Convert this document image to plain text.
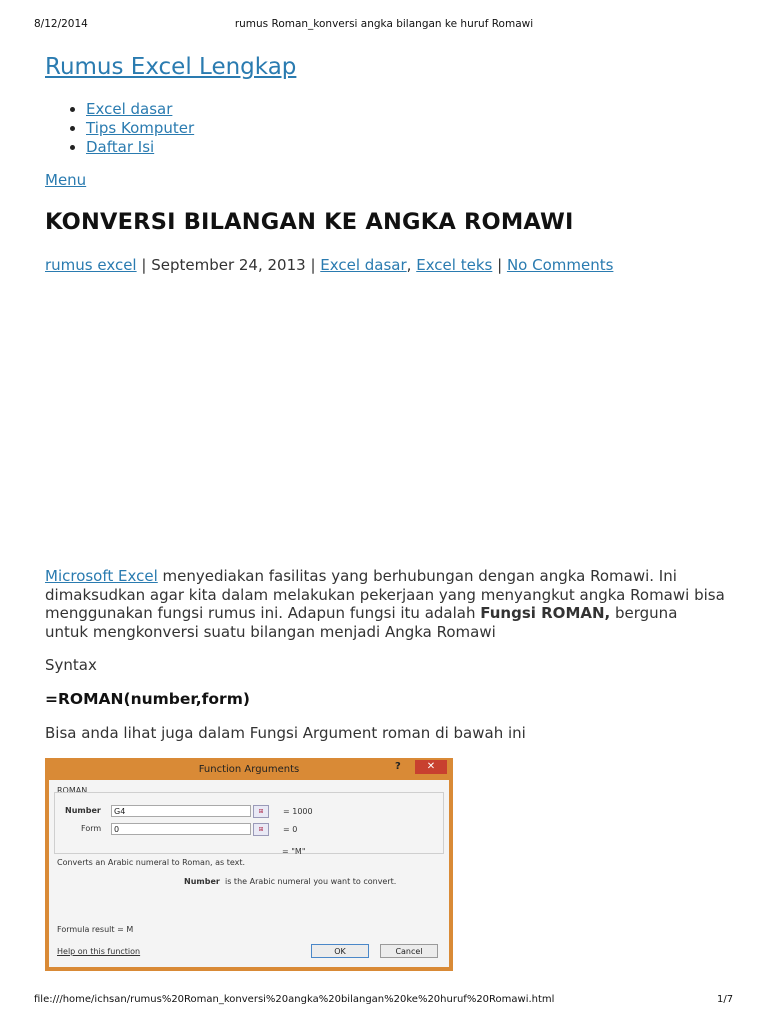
8/12/2014	rumus Roman_konversi angka bilangan ke huruf Romawi
Rumus Excel Lengkap
• Excel dasar
• Tips Komputer
• Daftar Isi
Menu
KONVERSI BILANGAN KE ANGKA ROMAWI
rumus excel | September 24, 2013 | Excel dasar, Excel teks | No Comments
Microsoft Excel menyediakan fasilitas yang berhubungan dengan angka Romawi. Ini dimaksudkan agar kita dalam melakukan pekerjaan yang menyangkut angka Romawi bisa menggunakan fungsi rumus ini. Adapun fungsi itu adalah Fungsi ROMAN, berguna untuk mengkonversi suatu bilangan menjadi Angka Romawi
Syntax
=ROMAN(number,form)
Bisa anda lihat juga dalam Fungsi Argument roman di bawah ini
Function Arguments	?	✕
ROMAN
Number	G4	⊞	= 1000
Form	0	⊞	= 0
= "M"
Converts an Arabic numeral to Roman, as text.
Number is the Arabic numeral you want to convert.
Formula result = M
Help on this function	OK	Cancel
file:///home/ichsan/rumus%20Roman_konversi%20angka%20bilangan%20ke%20huruf%20Romawi.html	1/7
